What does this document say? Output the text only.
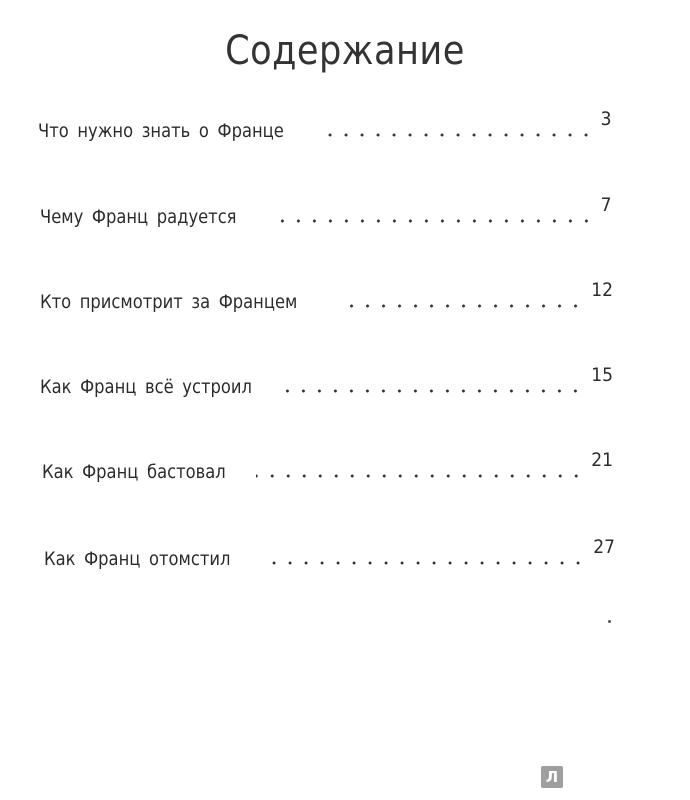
Содержание
Что нужно знать о Франце
3
Чему Франц радуется
7
Кто присмотрит за Францем
12
Как Франц всё устроил
15
Как Франц бастовал
21
Как Франц отомстил
27
Л
